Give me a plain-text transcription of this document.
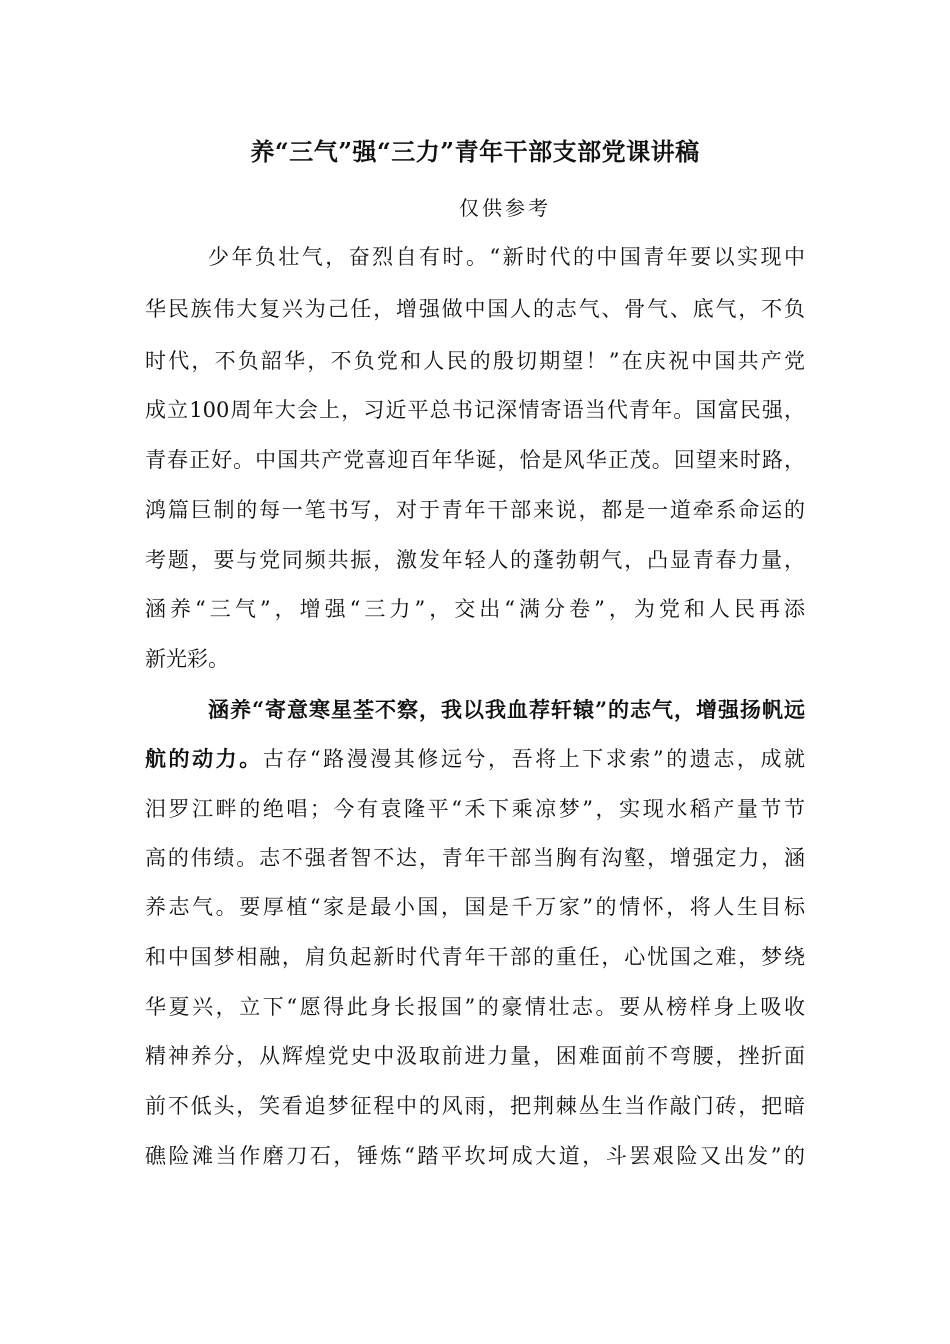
养“三气”强“三力”青年干部支部党课讲稿

仅供参考

少年负壮气，奋烈自有时。“新时代的中国青年要以实现中
华民族伟大复兴为己任，增强做中国人的志气、骨气、底气，不负
时代，不负韶华，不负党和人民的殷切期望！”在庆祝中国共产党
成立100周年大会上，习近平总书记深情寄语当代青年。国富民强，
青春正好。中国共产党喜迎百年华诞，恰是风华正茂。回望来时路，
鸿篇巨制的每一笔书写，对于青年干部来说，都是一道牵系命运的
考题，要与党同频共振，激发年轻人的蓬勃朝气，凸显青春力量，
涵养“三气”，增强“三力”，交出“满分卷”，为党和人民再添
新光彩。
涵养“寄意寒星荃不察，我以我血荐轩辕”的志气，增强扬帆远
航的动力。古存“路漫漫其修远兮，吾将上下求索”的遗志，成就
汨罗江畔的绝唱；今有袁隆平“禾下乘凉梦”，实现水稻产量节节
高的伟绩。志不强者智不达，青年干部当胸有沟壑，增强定力，涵
养志气。要厚植“家是最小国，国是千万家”的情怀，将人生目标
和中国梦相融，肩负起新时代青年干部的重任，心忧国之难，梦绕
华夏兴，立下“愿得此身长报国”的豪情壮志。要从榜样身上吸收
精神养分，从辉煌党史中汲取前进力量，困难面前不弯腰，挫折面
前不低头，笑看追梦征程中的风雨，把荆棘丛生当作敲门砖，把暗
礁险滩当作磨刀石，锤炼“踏平坎坷成大道，斗罢艰险又出发”的
